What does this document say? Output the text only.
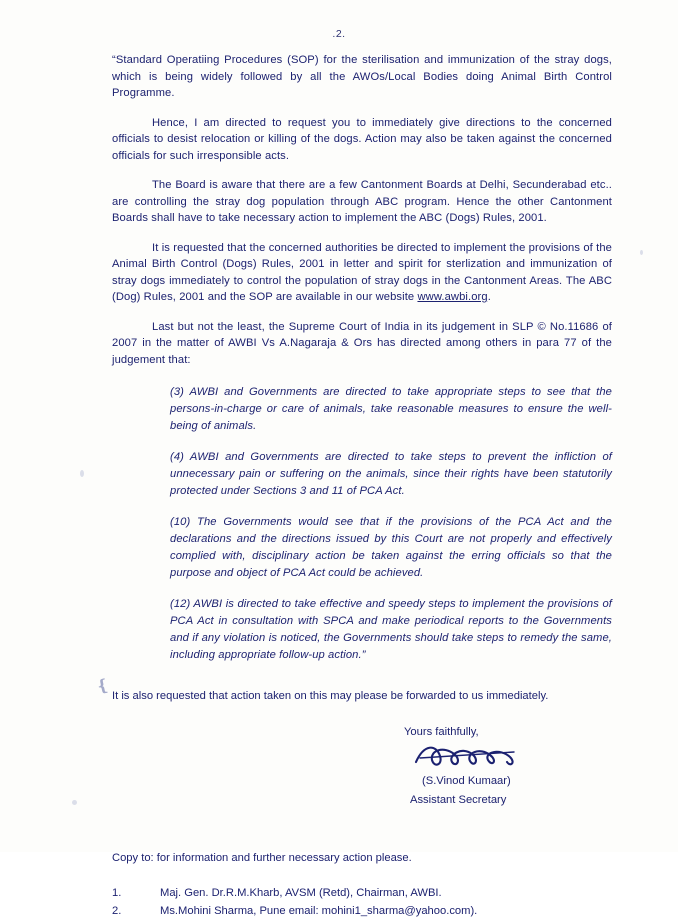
.2.
❴

“Standard Operatiing Procedures (SOP) for the sterilisation and immunization of the stray dogs, which is being widely followed by all the AWOs/Local Bodies doing Animal Birth Control Programme.

Hence, I am directed to request you to immediately give directions to the concerned officials to desist relocation or killing of the dogs. Action may also be taken against the concerned officials for such irresponsible acts.

The Board is aware that there are a few Cantonment Boards at Delhi, Secunderabad etc.. are controlling the stray dog population through ABC program. Hence the other Cantonment Boards shall have to take necessary action to implement the ABC (Dogs) Rules, 2001.

It is requested that the concerned authorities be directed to implement the provisions of the Animal Birth Control (Dogs) Rules, 2001 in letter and spirit for sterlization and immunization of stray dogs immediately to control the population of stray dogs in the Cantonment Areas. The ABC (Dog) Rules, 2001 and the SOP are available in our website www.awbi.org.

Last but not the least, the Supreme Court of India in its judgement in SLP © No.11686 of 2007 in the matter of AWBI Vs A.Nagaraja & Ors has directed among others in para 77 of the judgement that:

(3) AWBI and Governments are directed to take appropriate steps to see that the persons-in-charge or care of animals, take reasonable measures to ensure the well-being of animals.

(4) AWBI and Governments are directed to take steps to prevent the infliction of unnecessary pain or suffering on the animals, since their rights have been statutorily protected under Sections 3 and 11 of PCA Act.

(10) The Governments would see that if the provisions of the PCA Act and the declarations and the directions issued by this Court are not properly and effectively complied with, disciplinary action be taken against the erring officials so that the purpose and object of PCA Act could be achieved.

(12) AWBI is directed to take effective and speedy steps to implement the provisions of PCA Act in consultation with SPCA and make periodical reports to the Governments and if any violation is noticed, the Governments should take steps to remedy the same, including appropriate follow-up action.”

It is also requested that action taken on this may please be forwarded to us immediately.
Yours faithfully,
(S.Vinod Kumaar)
Assistant Secretary
Copy to: for information and further necessary action please.
1.	Maj. Gen. Dr.R.M.Kharb, AVSM (Retd), Chairman, AWBI.
2.	Ms.Mohini Sharma, Pune email: mohini1_sharma@yahoo.com).
